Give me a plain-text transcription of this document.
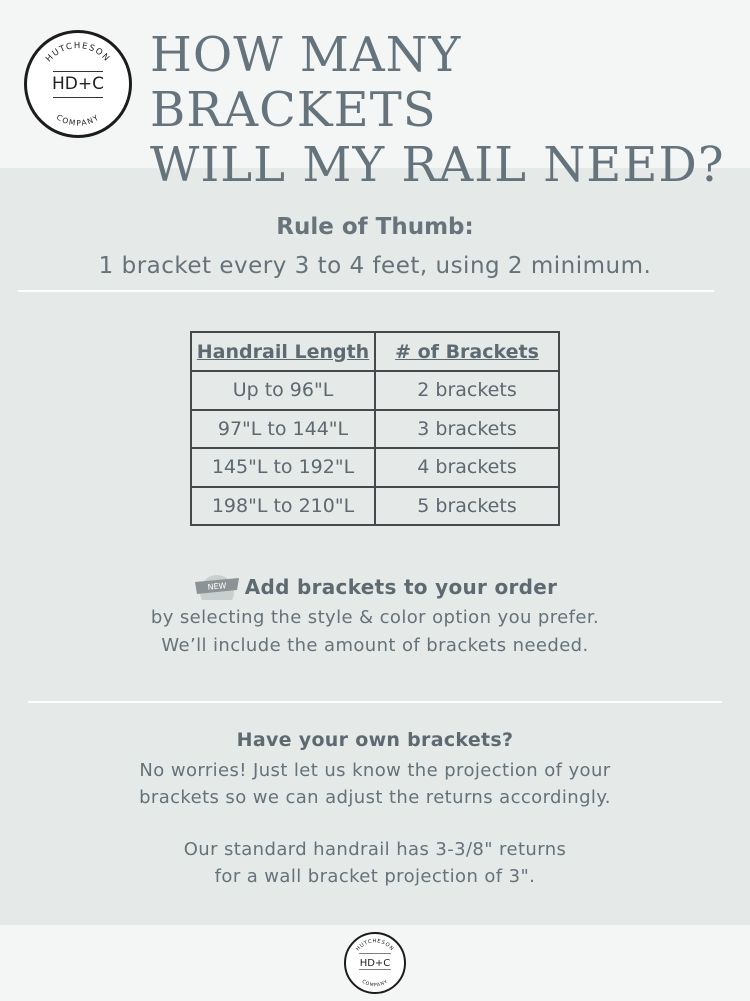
HUTCHESON
COMPANY
HD+C
HOW MANY BRACKETS
WILL MY RAIL NEED?
Rule of Thumb:
1 bracket every 3 to 4 feet, using 2 minimum.
Handrail Length	# of Brackets
Up to 96"L	2 brackets
97"L to 144"L	3 brackets
145"L to 192"L	4 brackets
198"L to 210"L	5 brackets
NEW Add brackets to your order
by selecting the style & color option you prefer.
We’ll include the amount of brackets needed.
Have your own brackets?
No worries! Just let us know the projection of your
brackets so we can adjust the returns accordingly.
Our standard handrail has 3-3/8" returns
for a wall bracket projection of 3".
HUTCHESON
COMPANY
HD+C
